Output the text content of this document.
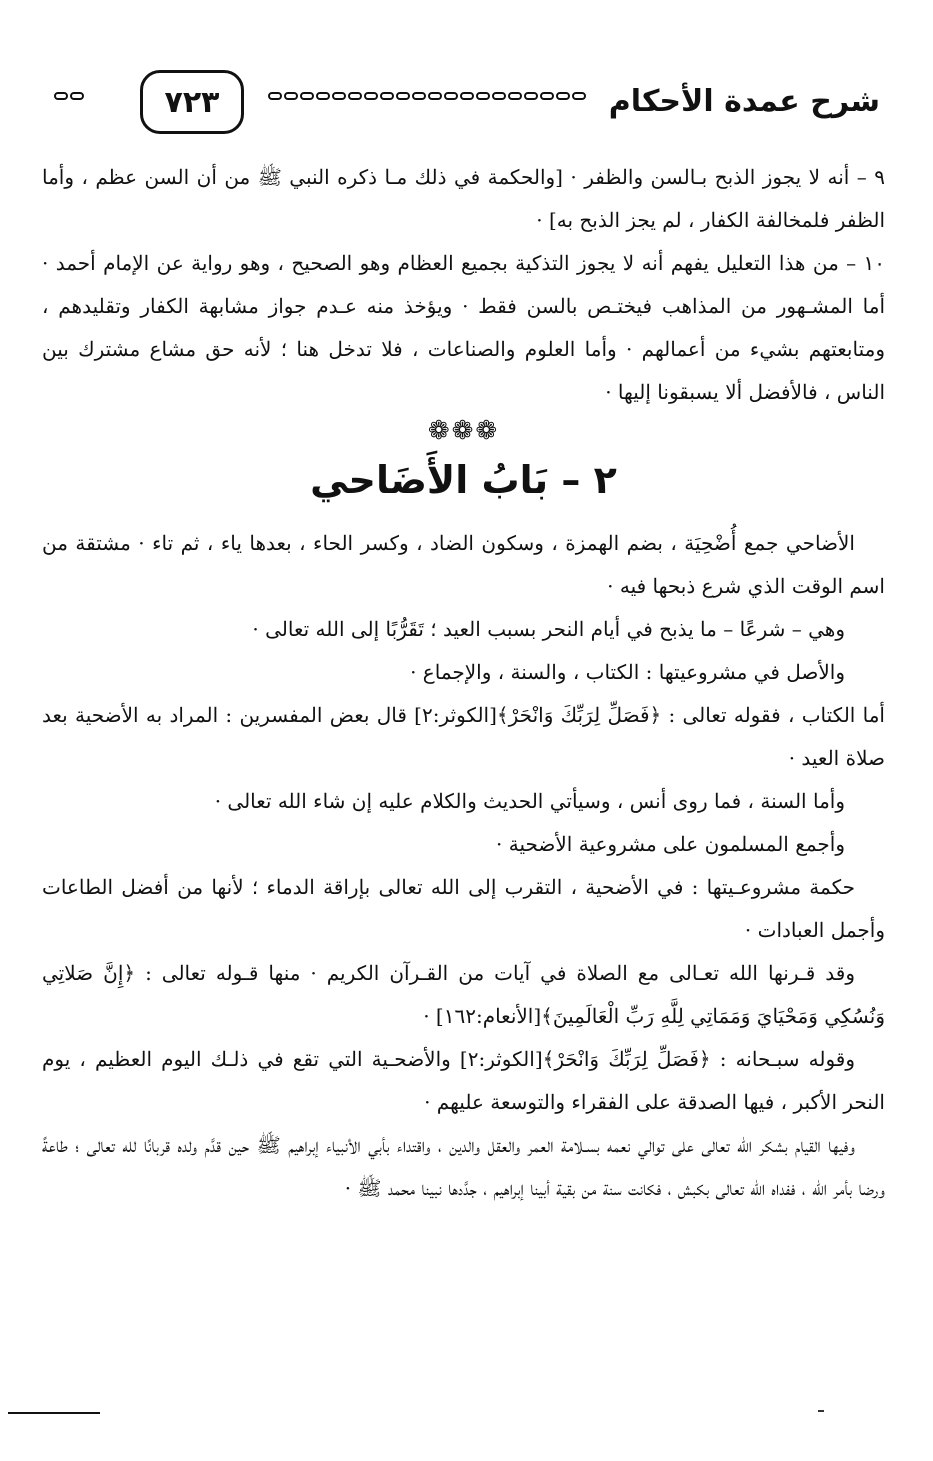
٧٢٣	شرح عمدة الأحكام

٩ – أنه لا يجوز الذبح بـالسن والظفر · [والحكمة في ذلك مـا ذكره النبي ﷺ من أن السن عظم ، وأما الظفر فلمخالفة الكفار ، لم يجز الذبح به] ·

١٠ – من هذا التعليل يفهم أنه لا يجوز التذكية بجميع العظام وهو الصحيح ، وهو رواية عن الإمام أحمد · أما المشـهور من المذاهب فيختـص بالسن فقط · ويؤخذ منه عـدم جواز مشابهة الكفار وتقليدهم ، ومتابعتهم بشيء من أعمالهم · وأما العلوم والصناعات ، فلا تدخل هنا ؛ لأنه حق مشاع مشترك بين الناس ، فالأفضل ألا يسبقونا إليها ·

❁❁❁
٢ – بَابُ الأَضَاحي

الأضاحي جمع أُضْحِيَة ، بضم الهمزة ، وسكون الضاد ، وكسر الحاء ، بعدها ياء ، ثم تاء · مشتقة من اسم الوقت الذي شرع ذبحها فيه ·

وهي – شرعًا – ما يذبح في أيام النحر بسبب العيد ؛ تَقَرُّبًا إلى الله تعالى ·

والأصل في مشروعيتها : الكتاب ، والسنة ، والإجماع ·

أما الكتاب ، فقوله تعالى : ﴿فَصَلِّ لِرَبِّكَ وَانْحَرْ﴾[الكوثر:٢] قال بعض المفسرين : المراد به الأضحية بعد صلاة العيد ·

وأما السنة ، فما روى أنس ، وسيأتي الحديث والكلام عليه إن شاء الله تعالى ·

وأجمع المسلمون على مشروعية الأضحية ·

حكمة مشروعـيتها : في الأضحية ، التقرب إلى الله تعالى بإراقة الدماء ؛ لأنها من أفضل الطاعات وأجمل العبادات ·

وقد قـرنها الله تعـالى مع الصلاة في آيات من القـرآن الكريم · منها قـوله تعالى : ﴿إِنَّ صَلاتِي وَنُسُكِي وَمَحْيَايَ وَمَمَاتِي لِلَّهِ رَبِّ الْعَالَمِينَ﴾[الأنعام:١٦٢] ·

وقوله سبـحانه : ﴿فَصَلِّ لِرَبِّكَ وَانْحَرْ﴾[الكوثر:٢] والأضحـية التي تقع في ذلـك اليوم العظيم ، يوم النحر الأكبر ، فيها الصدقة على الفقراء والتوسعة عليهم ·

وفيها القيام بشكر الله تعالى على توالي نعمه بسـلامة العمر والعقل والدين ، واقتداء بأبي الأنبياء إبراهيم ﷺ حين قدَّم ولده قربانًا لله تعالى ؛ طاعةً ورضا بأمر الله ، ففداه الله تعالى بكبش ، فكانت سنة من بقية أبينا إبراهيم ، جدَّدها نبينا محمد ﷺ ·
